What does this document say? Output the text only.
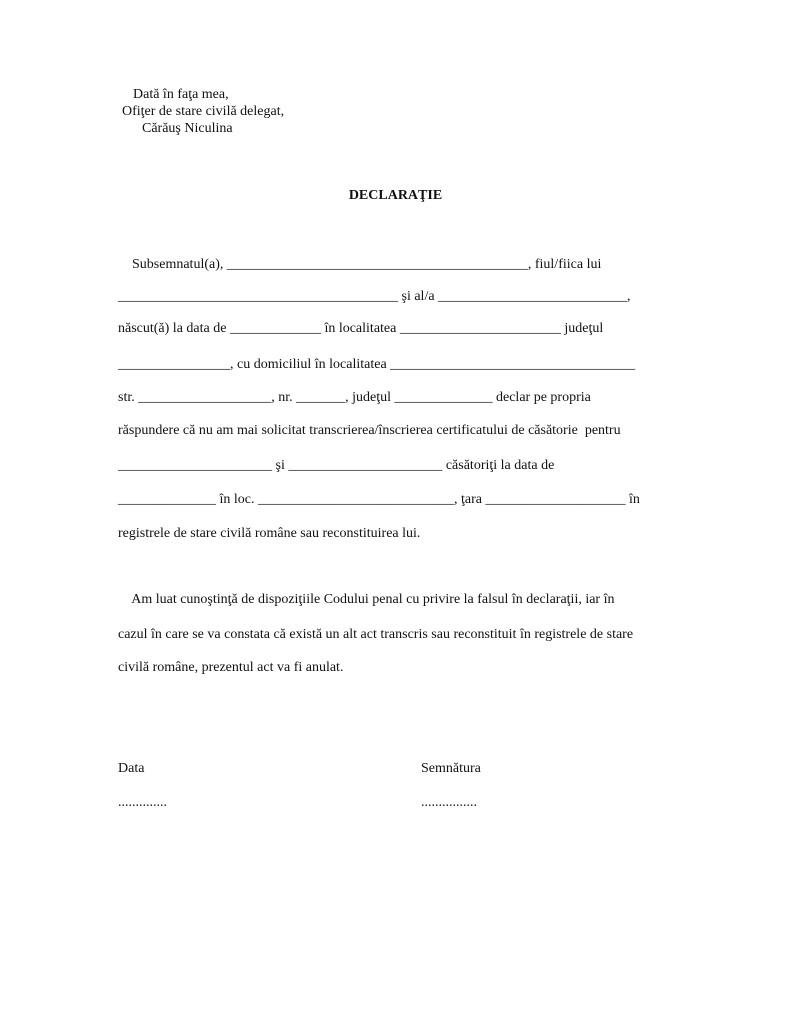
Dată în faţa mea,
Ofiţer de stare civilă delegat,
Cărăuş Niculina
DECLARAŢIE
Subsemnatul(a), ___________________________________________, fiul/fiica lui
________________________________________ şi al/a ___________________________,
născut(ă) la data de _____________ în localitatea _______________________ judeţul
________________, cu domiciliul în localitatea ___________________________________
str. ___________________, nr. _______, judeţul ______________ declar pe propria
răspundere că nu am mai solicitat transcrierea/înscrierea certificatului de căsătorie  pentru
______________________ şi ______________________ căsătoriţi la data de
______________ în loc. ____________________________, ţara ____________________ în
registrele de stare civilă române sau reconstituirea lui.
Am luat cunoştinţă de dispoziţiile Codului penal cu privire la falsul în declaraţii, iar în
cazul în care se va constata că există un alt act transcris sau reconstituit în registrele de stare
civilă române, prezentul act va fi anulat.
Data
..............
Semnătura
................
